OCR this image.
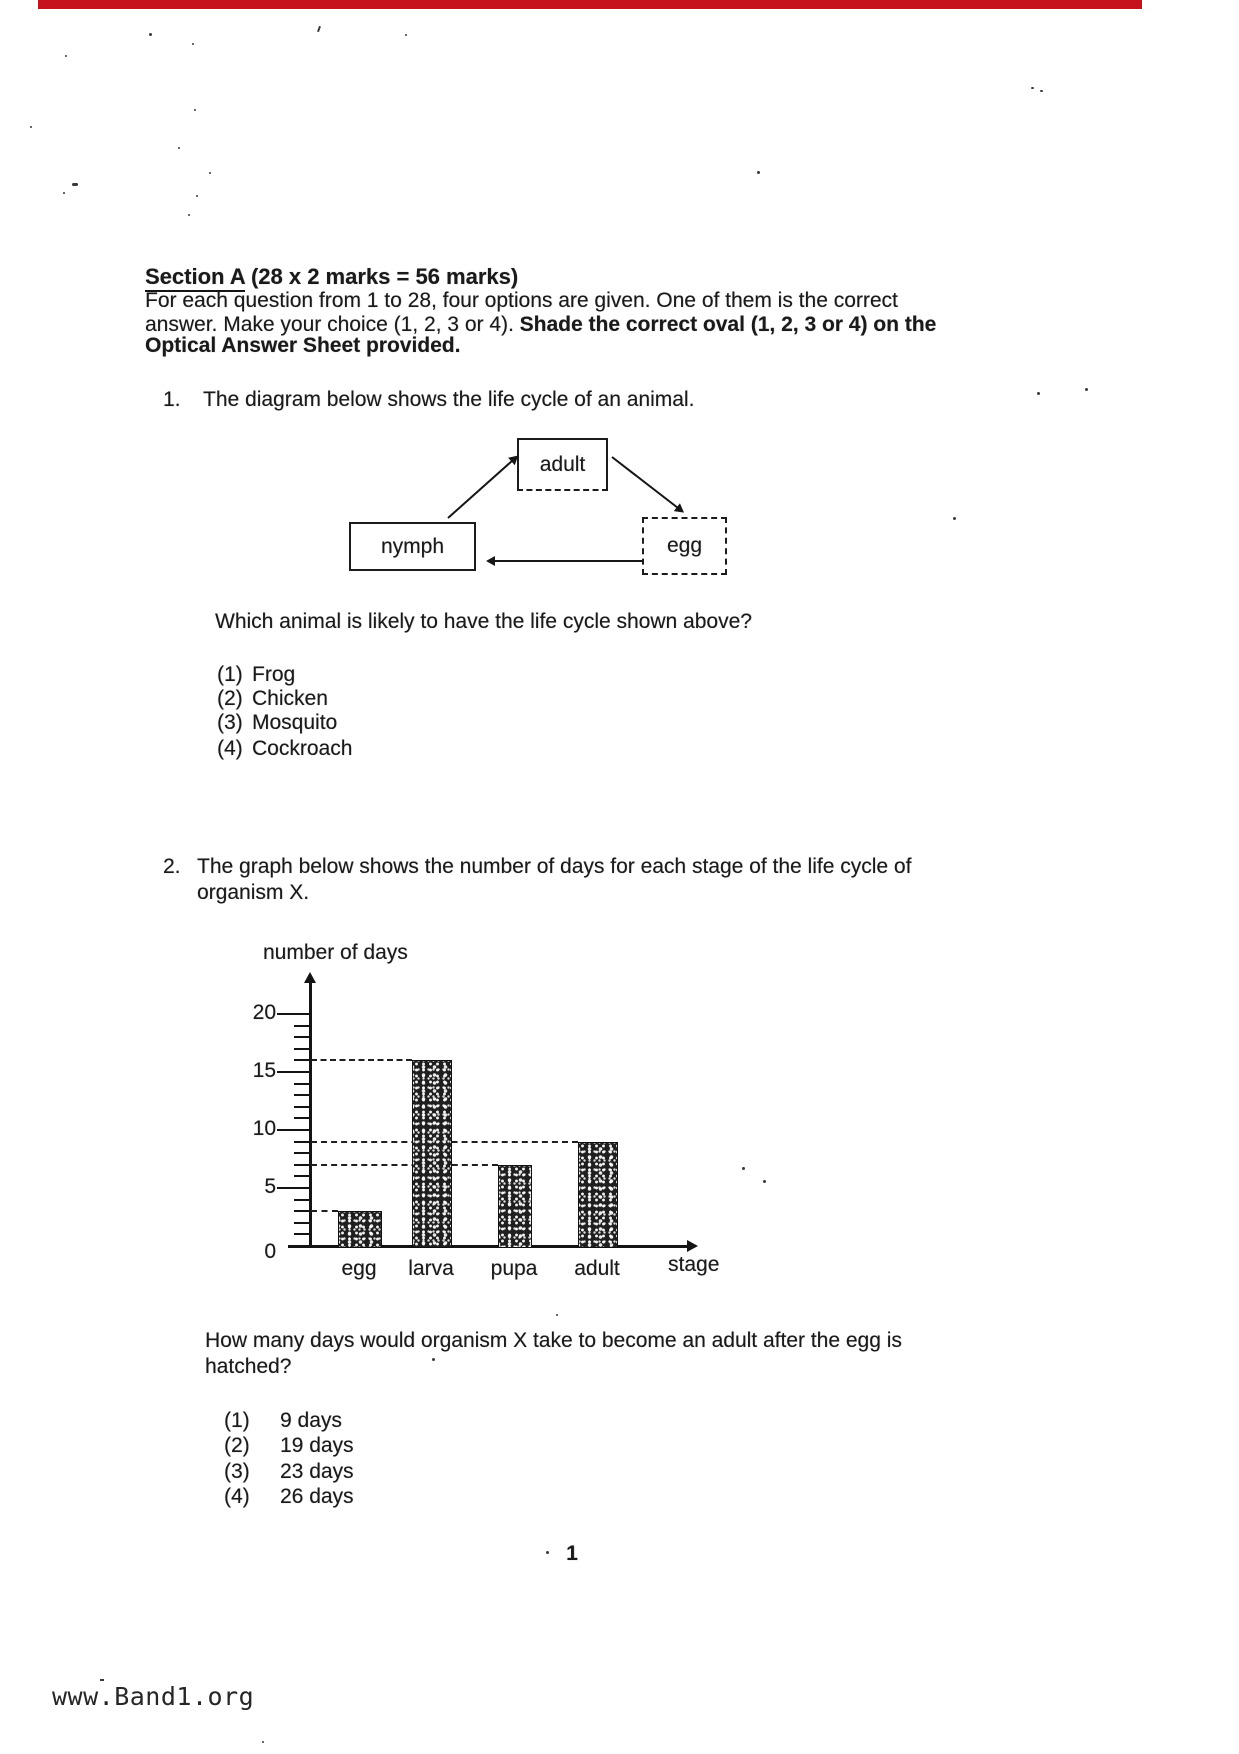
Section A (28 x 2 marks = 56 marks)
For each question from 1 to 28, four options are given. One of them is the correct
answer. Make your choice (1, 2, 3 or 4). Shade the correct oval (1, 2, 3 or 4) on the
Optical Answer Sheet provided.
1. The diagram below shows the life cycle of an animal.
adult
nymph	egg
Which animal is likely to have the life cycle shown above?
(1) Frog
(2) Chicken
(3) Mosquito
(4) Cockroach
2. The graph below shows the number of days for each stage of the life cycle of
organism X.
number of days
stage
egg larva pupa adult
0
5
10
15
20
How many days would organism X take to become an adult after the egg is
hatched?
(1) 9 days
(2) 19 days
(3) 23 days
(4) 26 days
1
www.Band1.org
